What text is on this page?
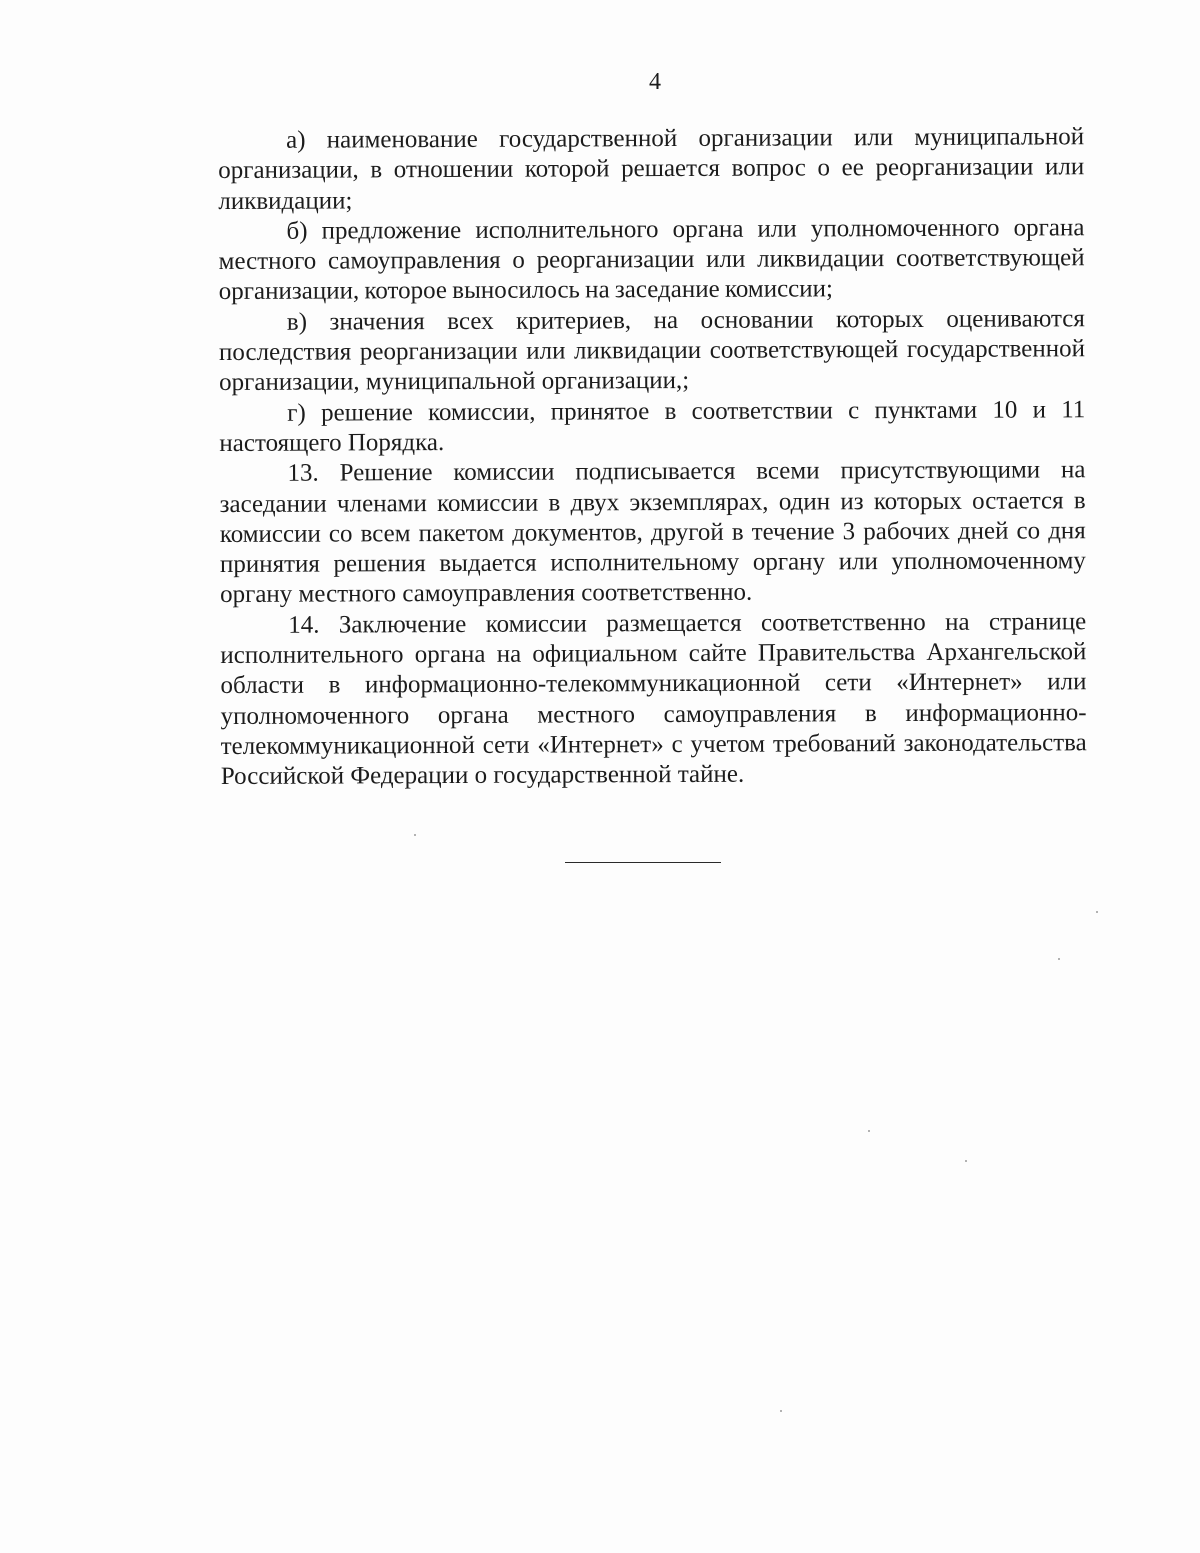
4

а) наименование государственной организации или муниципальной организации, в отношении которой решается вопрос о ее реорганизации или ликвидации;

б) предложение исполнительного органа или уполномоченного органа местного самоуправления о реорганизации или ликвидации соответствующей организации, которое выносилось на заседание комиссии;

в) значения всех критериев, на основании которых оцениваются последствия реорганизации или ликвидации соответствующей государственной организации, муниципальной организации,;

г) решение комиссии, принятое в соответствии с пунктами 10 и 11 настоящего Порядка.

13. Решение комиссии подписывается всеми присутствующими на заседании членами комиссии в двух экземплярах, один из которых остается в комиссии со всем пакетом документов, другой в течение 3 рабочих дней со дня принятия решения выдается исполнительному органу или уполномоченному органу местного самоуправления соответственно.

14. Заключение комиссии размещается соответственно на странице исполнительного органа на официальном сайте Правительства Архангельской области в информационно-телекоммуникационной сети «Интернет» или уполномоченного органа местного самоуправления в информационно-телекоммуникационной сети «Интернет» с учетом требований законодательства Российской Федерации о государственной тайне.
